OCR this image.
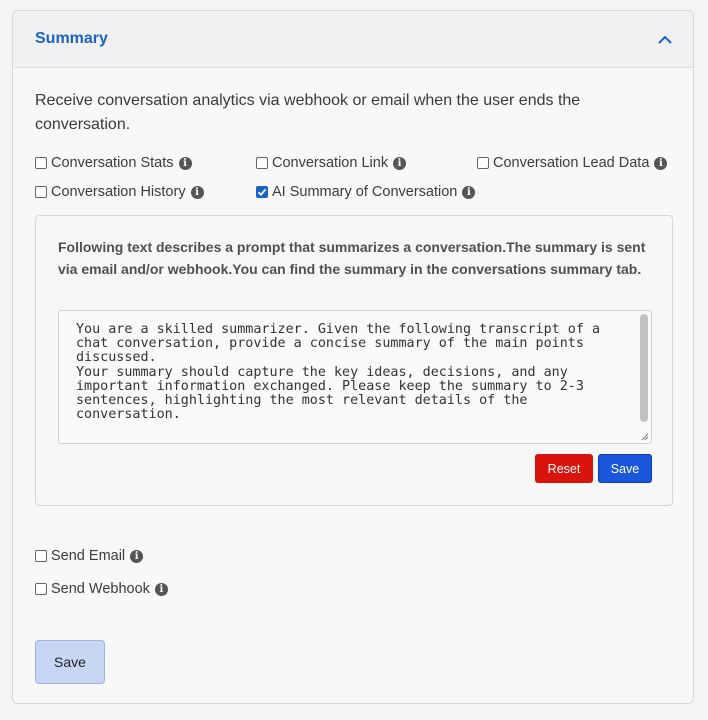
Summary
Receive conversation analytics via webhook or email when the user ends the conversation.
Conversation Stats i	Conversation Link i	Conversation Lead Data i
Conversation History i	AI Summary of Conversation i
Following text describes a prompt that summarizes a conversation.The summary is sent via email and/or webhook.You can find the summary in the conversations summary tab.
You are a skilled summarizer. Given the following transcript of a chat conversation, provide a concise summary of the main points discussed.
Your summary should capture the key ideas, decisions, and any important information exchanged. Please keep the summary to 2-3 sentences, highlighting the most relevant details of the conversation.
Reset	Save
Send Email i
Send Webhook i
Save
